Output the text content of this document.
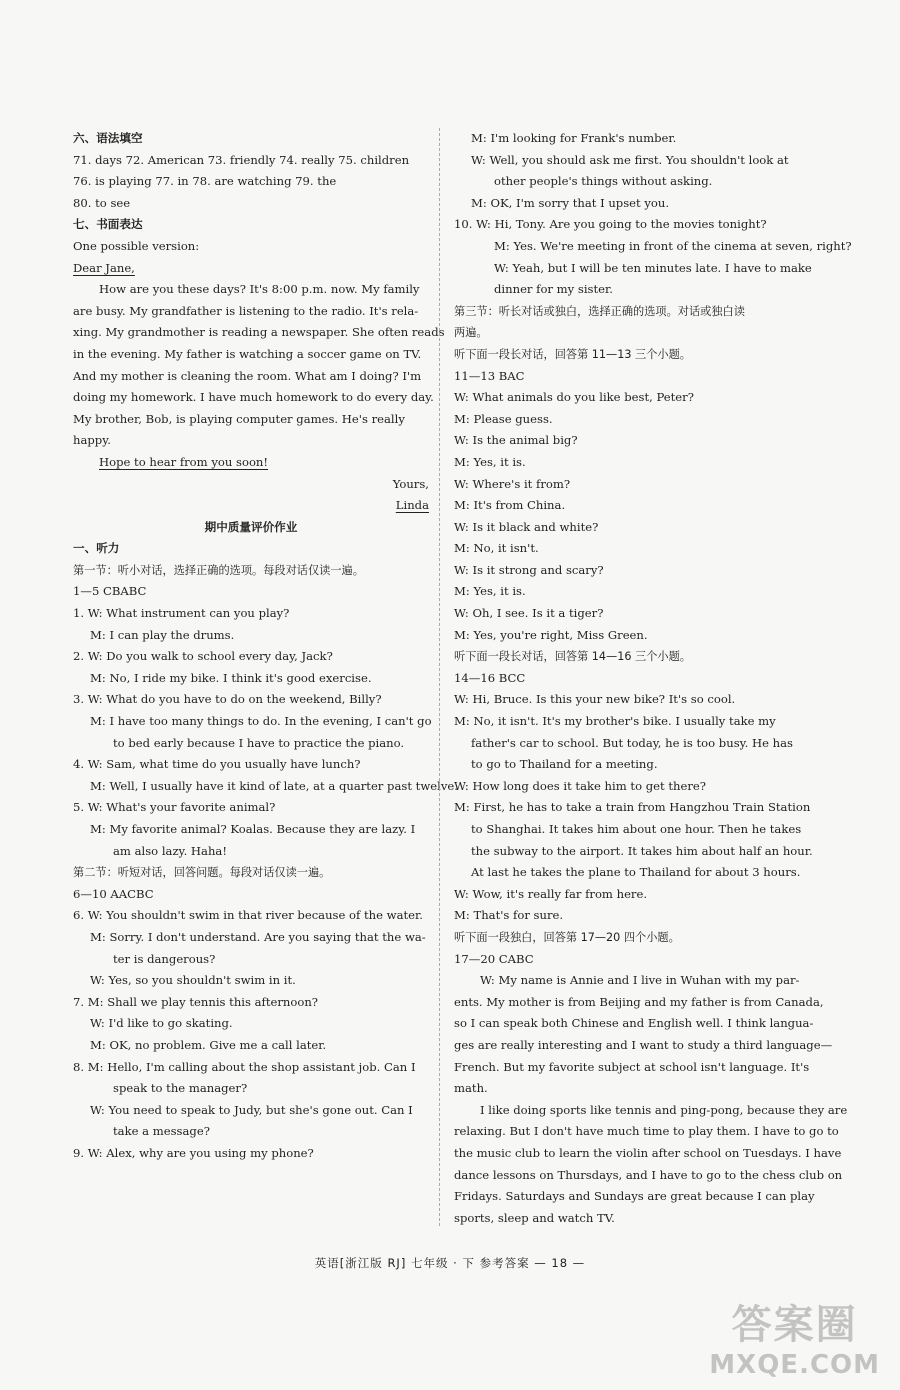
六、语法填空
71. days 72. American 73. friendly 74. really 75. children
76. is playing 77. in 78. are watching 79. the
80. to see
七、书面表达
One possible version:
Dear Jane,
How are you these days? It's 8:00 p.m. now. My family
are busy. My grandfather is listening to the radio. It's rela-
xing. My grandmother is reading a newspaper. She often reads
in the evening. My father is watching a soccer game on TV.
And my mother is cleaning the room. What am I doing? I'm
doing my homework. I have much homework to do every day.
My brother, Bob, is playing computer games. He's really
happy.
Hope to hear from you soon!
Yours,
Linda
期中质量评价作业
一、听力
第一节：听小对话，选择正确的选项。每段对话仅读一遍。
1—5 CBABC
1. W: What instrument can you play?
M: I can play the drums.
2. W: Do you walk to school every day, Jack?
M: No, I ride my bike. I think it's good exercise.
3. W: What do you have to do on the weekend, Billy?
M: I have too many things to do. In the evening, I can't go
to bed early because I have to practice the piano.
4. W: Sam, what time do you usually have lunch?
M: Well, I usually have it kind of late, at a quarter past twelve.
5. W: What's your favorite animal?
M: My favorite animal? Koalas. Because they are lazy. I
am also lazy. Haha!
第二节：听短对话，回答问题。每段对话仅读一遍。
6—10 AACBC
6. W: You shouldn't swim in that river because of the water.
M: Sorry. I don't understand. Are you saying that the wa-
ter is dangerous?
W: Yes, so you shouldn't swim in it.
7. M: Shall we play tennis this afternoon?
W: I'd like to go skating.
M: OK, no problem. Give me a call later.
8. M: Hello, I'm calling about the shop assistant job. Can I
speak to the manager?
W: You need to speak to Judy, but she's gone out. Can I
take a message?
9. W: Alex, why are you using my phone?
M: I'm looking for Frank's number.
W: Well, you should ask me first. You shouldn't look at
other people's things without asking.
M: OK, I'm sorry that I upset you.
10. W: Hi, Tony. Are you going to the movies tonight?
M: Yes. We're meeting in front of the cinema at seven, right?
W: Yeah, but I will be ten minutes late. I have to make
dinner for my sister.
第三节：听长对话或独白，选择正确的选项。对话或独白读
两遍。
听下面一段长对话，回答第 11—13 三个小题。
11—13 BAC
W: What animals do you like best, Peter?
M: Please guess.
W: Is the animal big?
M: Yes, it is.
W: Where's it from?
M: It's from China.
W: Is it black and white?
M: No, it isn't.
W: Is it strong and scary?
M: Yes, it is.
W: Oh, I see. Is it a tiger?
M: Yes, you're right, Miss Green.
听下面一段长对话，回答第 14—16 三个小题。
14—16 BCC
W: Hi, Bruce. Is this your new bike? It's so cool.
M: No, it isn't. It's my brother's bike. I usually take my
father's car to school. But today, he is too busy. He has
to go to Thailand for a meeting.
W: How long does it take him to get there?
M: First, he has to take a train from Hangzhou Train Station
to Shanghai. It takes him about one hour. Then he takes
the subway to the airport. It takes him about half an hour.
At last he takes the plane to Thailand for about 3 hours.
W: Wow, it's really far from here.
M: That's for sure.
听下面一段独白，回答第 17—20 四个小题。
17—20 CABC
W: My name is Annie and I live in Wuhan with my par-
ents. My mother is from Beijing and my father is from Canada,
so I can speak both Chinese and English well. I think langua-
ges are really interesting and I want to study a third language—
French. But my favorite subject at school isn't language. It's
math.
I like doing sports like tennis and ping-pong, because they are
relaxing. But I don't have much time to play them. I have to go to
the music club to learn the violin after school on Tuesdays. I have
dance lessons on Thursdays, and I have to go to the chess club on
Fridays. Saturdays and Sundays are great because I can play
sports, sleep and watch TV.
英语[浙江版 RJ] 七年级 · 下 参考答案 — 18 —
答案圈
MXQE.COM
